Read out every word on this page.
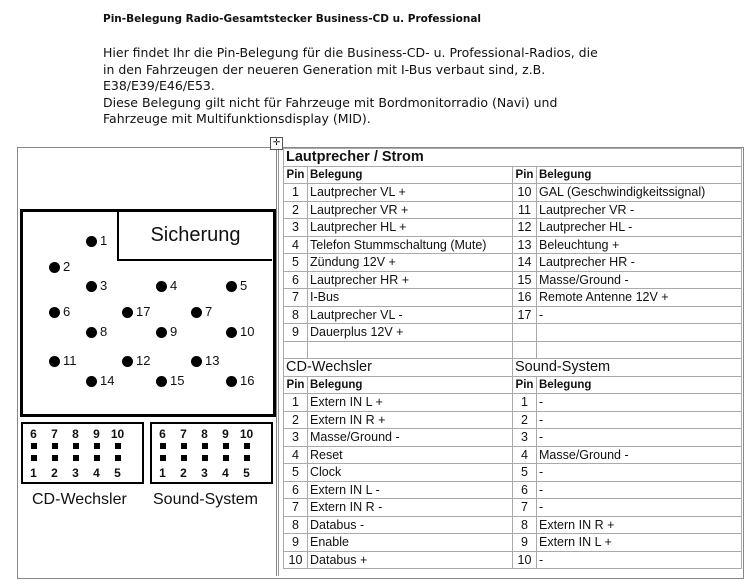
Pin-Belegung Radio-Gesamtstecker Business-CD u. Professional
Hier findet Ihr die Pin-Belegung für die Business-CD- u. Professional-Radios, die
in den Fahrzeugen der neueren Generation mit I-Bus verbaut sind, z.B.
E38/E39/E46/E53.
Diese Belegung gilt nicht für Fahrzeuge mit Bordmonitorradio (Navi) und
Fahrzeuge mit Multifunktionsdisplay (MID).
✛
Sicherung
1
2
3	4	5
6	17	7
8	9	10
11	12	13
14	15	16
6	7	8	9 10
1	2	3	4	5
6	7	8	9 10
1	2	3	4	5
CD-Wechsler Sound-System
Lautprecher / Strom			
Pin	Belegung	Pin	Belegung
1	Lautprecher VL +	10	GAL (Geschwindigkeitssignal)
2	Lautprecher VR +	11	Lautprecher VR -
3	Lautprecher HL +	12	Lautprecher HL -
4	Telefon Stummschaltung (Mute)	13	Beleuchtung +
5	Zündung 12V +	14	Lautprecher HR -
6	Lautprecher HR +	15	Masse/Ground -
7	I-Bus	16	Remote Antenne 12V +
8	Lautprecher VL -	17	-
9	Dauerplus 12V +		

CD-Wechsler		Sound-System	
Pin	Belegung	Pin	Belegung
1	Extern IN L +	1	-
2	Extern IN R +	2	-
3	Masse/Ground -	3	-
4	Reset	4	Masse/Ground -
5	Clock	5	-
6	Extern IN L -	6	-
7	Extern IN R -	7	-
8	Databus -	8	Extern IN R +
9	Enable	9	Extern IN L +
10	Databus +	10	-
